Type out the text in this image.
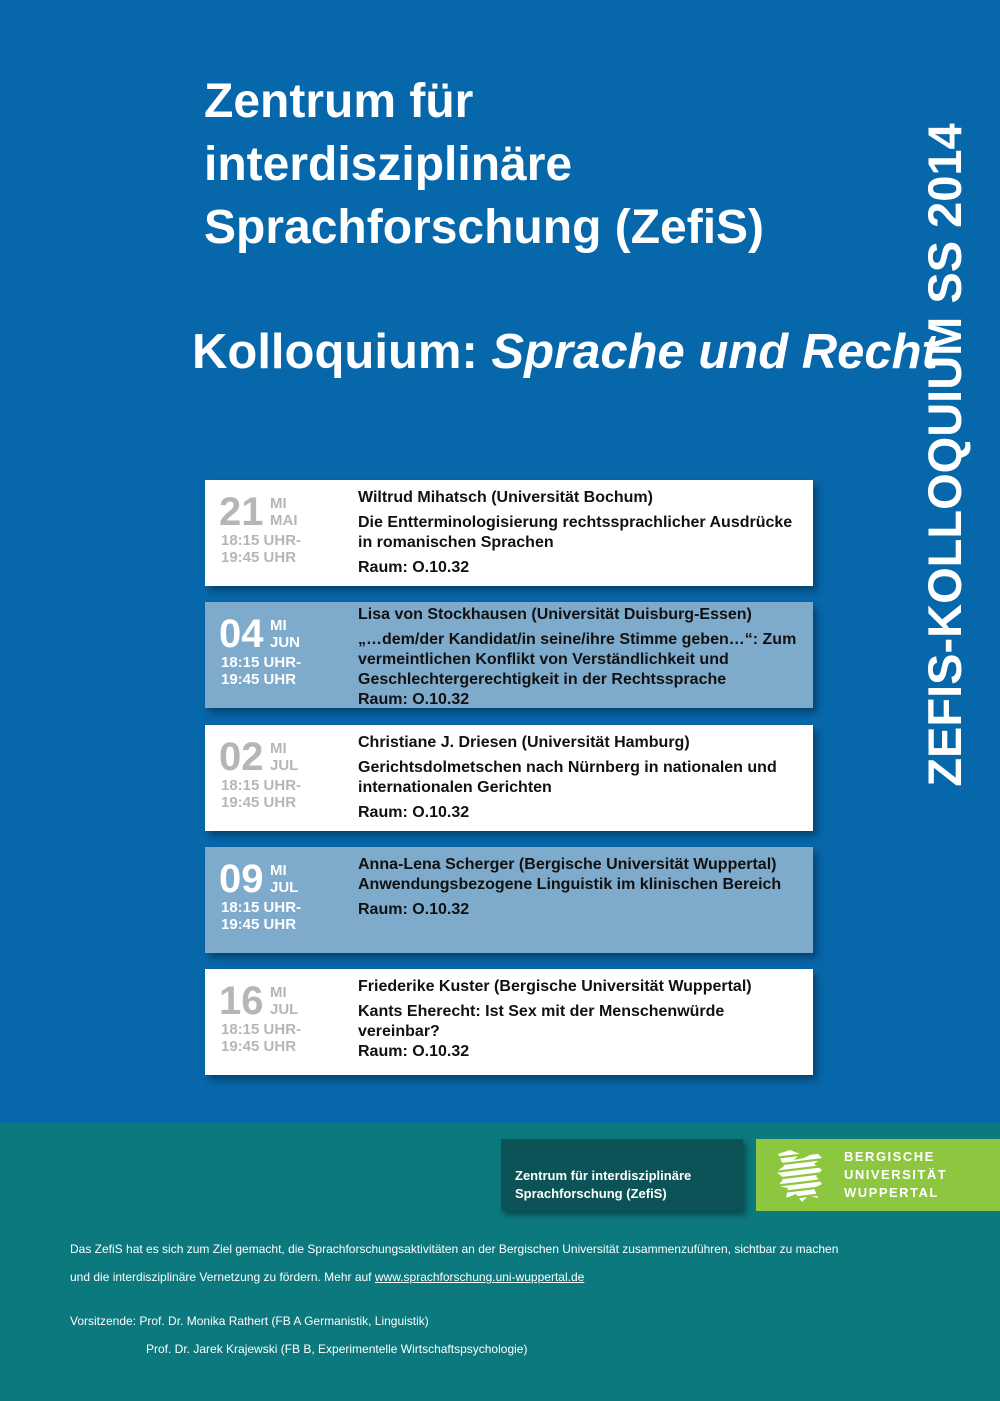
Zentrum für
interdisziplinäre
Sprachforschung (ZefiS)
Kolloquium: Sprache und Recht
ZEFIS-KOLLOQUIUM SS 2014
21 MI
MAI
18:15 UHR-
19:45 UHR
Wiltrud Mihatsch (Universität Bochum)
Die Entterminologisierung rechtssprachlicher Ausdrücke in romanischen Sprachen
Raum: O.10.32
04 MI
JUN
18:15 UHR-
19:45 UHR
Lisa von Stockhausen (Universität Duisburg-Essen)
„…dem/der Kandidat/in seine/ihre Stimme geben…“: Zum vermeintlichen Konflikt von Verständlichkeit und Geschlechtergerechtigkeit in der Rechtssprache
Raum: O.10.32
02 MI
JUL
18:15 UHR-
19:45 UHR
Christiane J. Driesen (Universität Hamburg)
Gerichtsdolmetschen nach Nürnberg in nationalen und internationalen Gerichten
Raum: O.10.32
09 MI
JUL
18:15 UHR-
19:45 UHR
Anna-Lena Scherger (Bergische Universität Wuppertal)
Anwendungsbezogene Linguistik im klinischen Bereich
Raum: O.10.32
16 MI
JUL
18:15 UHR-
19:45 UHR
Friederike Kuster (Bergische Universität Wuppertal)
Kants Eherecht: Ist Sex mit der Menschenwürde vereinbar?
Raum: O.10.32
Zentrum für interdisziplinäre
Sprachforschung (ZefiS)
BERGISCHE
UNIVERSITÄT
WUPPERTAL
Das ZefiS hat es sich zum Ziel gemacht, die Sprachforschungsaktivitäten an der Bergischen Universität zusammenzuführen, sichtbar zu machen
und die interdisziplinäre Vernetzung zu fördern. Mehr auf www.sprachforschung.uni-wuppertal.de
Vorsitzende: Prof. Dr. Monika Rathert (FB A Germanistik, Linguistik)
Prof. Dr. Jarek Krajewski (FB B, Experimentelle Wirtschaftspsychologie)
